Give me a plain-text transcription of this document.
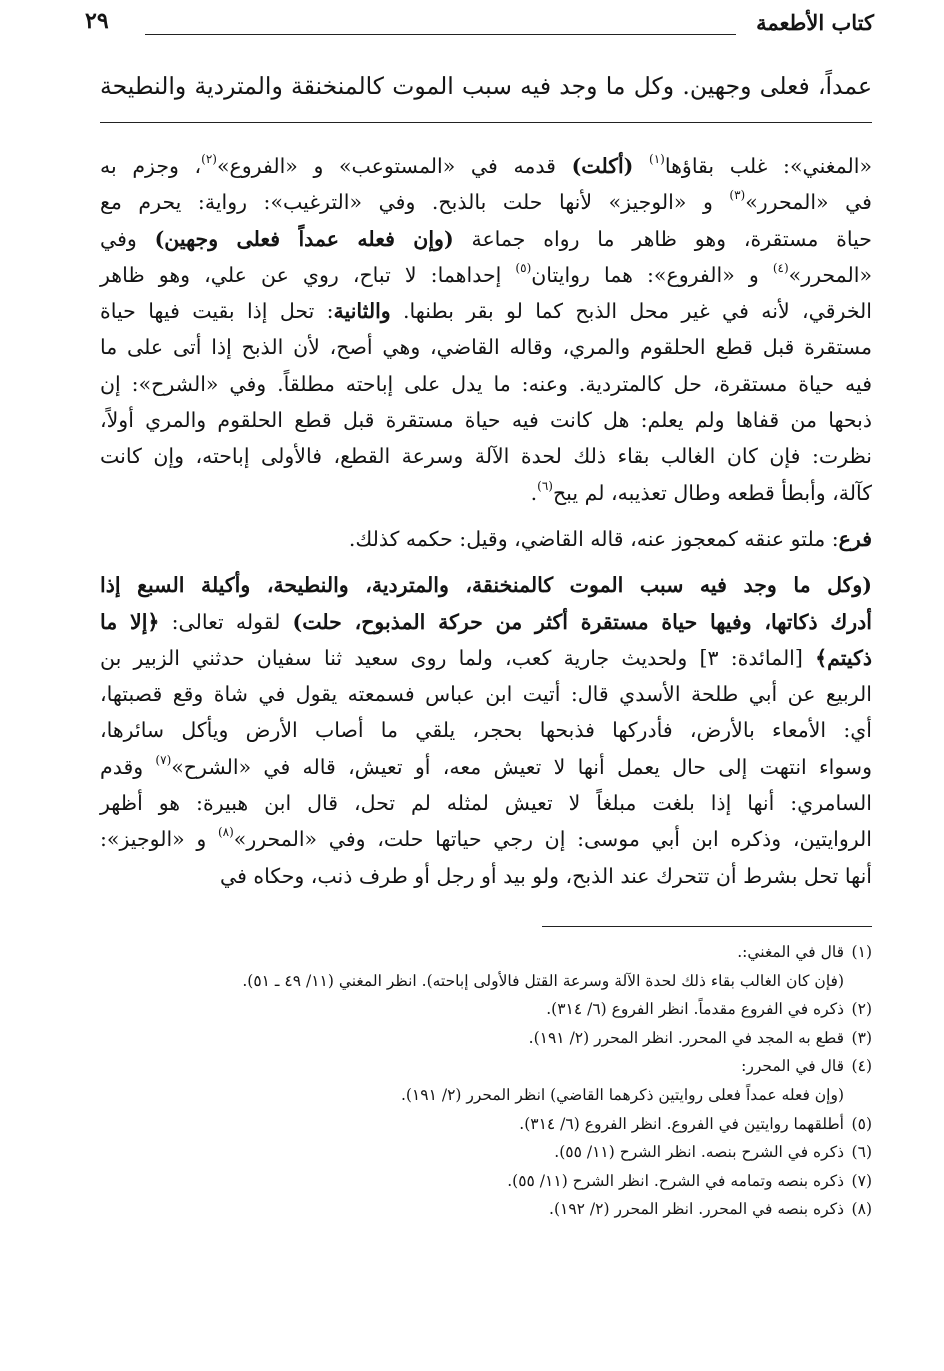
كتاب الأطعمة
٢٩
عمداً، فعلى وجهين. وكل ما وجد فيه سبب الموت كالمنخنقة والمتردية والنطيحة

«المغني»: غلب بقاؤها$^{(١)}$ (أكلت) قدمه في «المستوعب» و «الفروع»$^{(٢)}$، وجزم به
في «المحرر»$^{(٣)}$ و «الوجيز» لأنها حلت بالذبح. وفي «الترغيب»: رواية: يحرم مع
حياة مستقرة، وهو ظاهر ما رواه جماعة (وإن فعله عمداً فعلى وجهين) وفي
«المحرر»$^{(٤)}$ و «الفروع»: هما روايتان$^{(٥)}$ إحداهما: لا تباح، روي عن علي، وهو ظاهر
الخرقي، لأنه في غير محل الذبح كما لو بقر بطنها. والثانية: تحل إذا بقيت فيها حياة
مستقرة قبل قطع الحلقوم والمري، وقاله القاضي، وهي أصح، لأن الذبح إذا أتى على ما
فيه حياة مستقرة، حل كالمتردية. وعنه: ما يدل على إباحته مطلقاً. وفي «الشرح»: إن
ذبحها من قفاها ولم يعلم: هل كانت فيه حياة مستقرة قبل قطع الحلقوم والمري أولاً،
نظرت: فإن كان الغالب بقاء ذلك لحدة الآلة وسرعة القطع، فالأولى إباحته، وإن كانت
كآلة، وأبطأ قطعه وطال تعذيبه، لم يبح$^{(٦)}$.

فرع: ملتو عنقه كمعجوز عنه، قاله القاضي، وقيل: حكمه كذلك.

(وكل ما وجد فيه سبب الموت كالمنخنقة، والمتردية، والنطيحة، وأكيلة السبع إذا
أدرك ذكاتها، وفيها حياة مستقرة أكثر من حركة المذبوح، حلت) لقوله تعالى: ﴿إلا ما
ذكيتم﴾ [المائدة: ٣] ولحديث جارية كعب، ولما روى سعيد ثنا سفيان حدثني الزبير بن
الربيع عن أبي طلحة الأسدي قال: أتيت ابن عباس فسمعته يقول في شاة وقع قصبتها،
أي: الأمعاء بالأرض، فأدركها فذبحها بحجر، يلقي ما أصاب الأرض ويأكل سائرها،
وسواء انتهت إلى حال يعمل أنها لا تعيش معه، أو تعيش، قاله في «الشرح»$^{(٧)}$ وقدم
السامري: أنها إذا بلغت مبلغاً لا تعيش لمثله لم تحل، قال ابن هبيرة: هو أظهر
الروايتين، وذكره ابن أبي موسى: إن رجي حياتها حلت، وفي «المحرر»$^{(٨)}$ و «الوجيز»:
أنها تحل بشرط أن تتحرك عند الذبح، ولو بيد أو رجل أو طرف ذنب، وحكاه في

(١)قال في المغني:.
(فإن كان الغالب بقاء ذلك لحدة الآلة وسرعة القتل فالأولى إباحته). انظر المغني (١١/ ٤٩ ـ ٥١).
(٢)ذكره في الفروع مقدماً. انظر الفروع (٦/ ٣١٤).
(٣)قطع به المجد في المحرر. انظر المحرر (٢/ ١٩١).
(٤)قال في المحرر:
(وإن فعله عمداً فعلى روايتين ذكرهما القاضي) انظر المحرر (٢/ ١٩١).
(٥)أطلقهما روايتين في الفروع. انظر الفروع (٦/ ٣١٤).
(٦)ذكره في الشرح بنصه. انظر الشرح (١١/ ٥٥).
(٧)ذكره بنصه وتمامه في الشرح. انظر الشرح (١١/ ٥٥).
(٨)ذكره بنصه في المحرر. انظر المحرر (٢/ ١٩٢).
